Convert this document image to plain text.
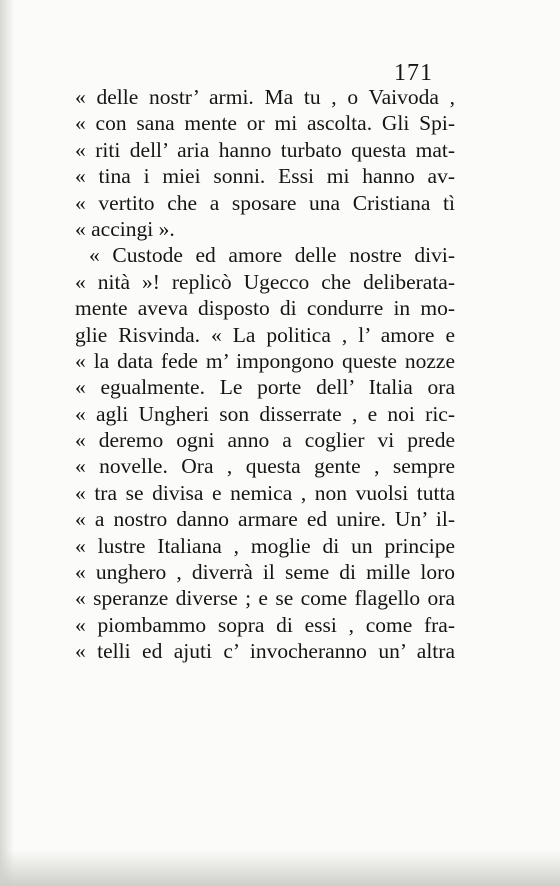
171
« delle nostr’ armi. Ma tu , o Vaivoda ,
« con sana mente or mi ascolta. Gli Spi-
« riti dell’ aria hanno turbato questa mat-
« tina i miei sonni. Essi mi hanno av-
« vertito che a sposare una Cristiana tì
« accingi ».
« Custode ed amore delle nostre divi-
« nità »! replicò Ugecco che deliberata-
mente aveva disposto di condurre in mo-
glie Risvinda. « La politica , l’ amore e
« la data fede m’ impongono queste nozze
« egualmente. Le porte dell’ Italia ora
« agli Ungheri son disserrate , e noi ric-
« deremo ogni anno a coglier vi prede
« novelle. Ora , questa gente , sempre
« tra se divisa e nemica , non vuolsi tutta
« a nostro danno armare ed unire. Un’ il-
« lustre Italiana , moglie di un principe
« unghero , diverrà il seme di mille loro
« speranze diverse ; e se come flagello ora
« piombammo sopra di essi , come fra-
« telli ed ajuti c’ invocheranno un’ altra
